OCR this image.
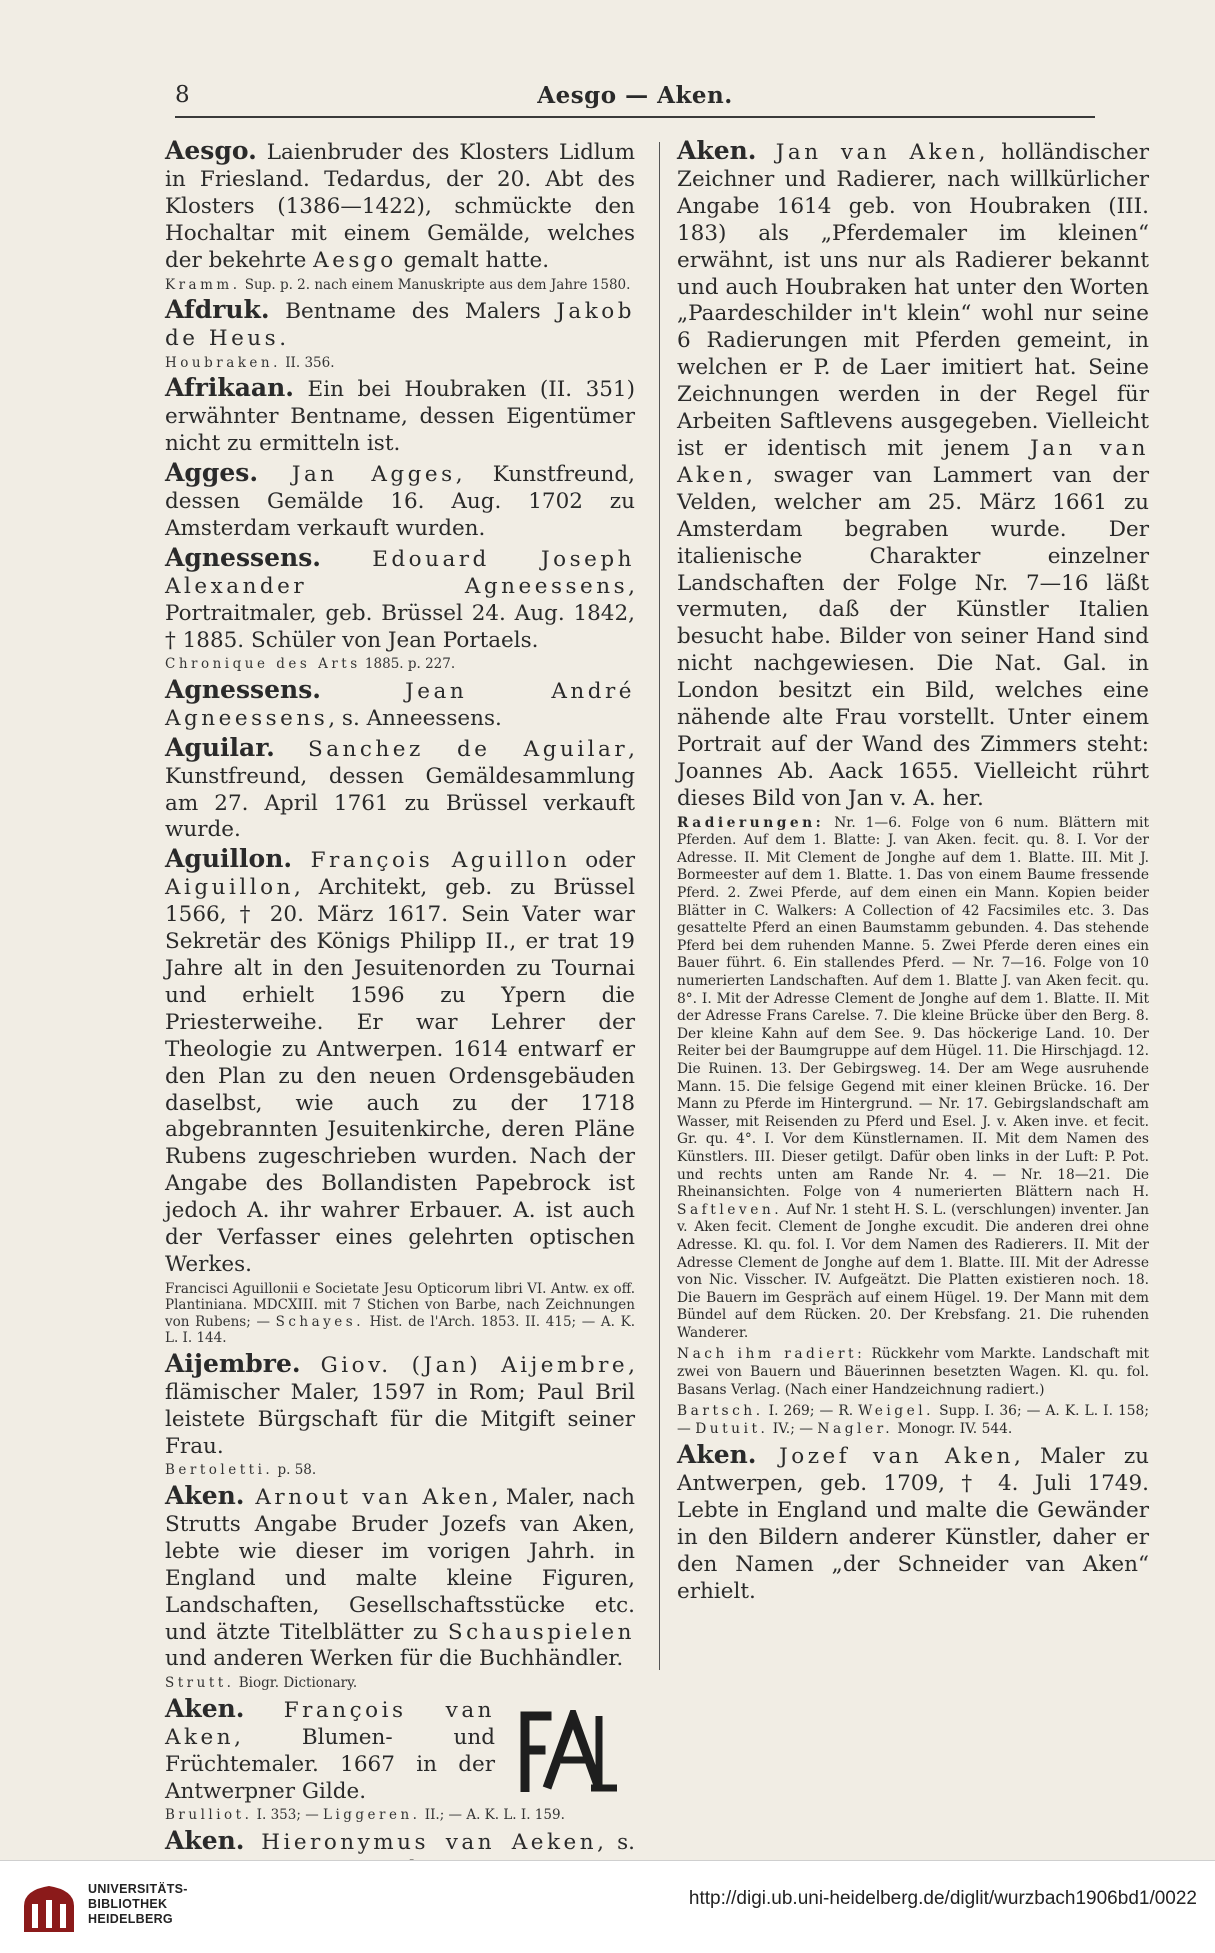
8	Aesgo — Aken.

Aesgo. Laienbruder des Klosters Lidlum in Friesland. Tedardus, der 20. Abt des Klosters (1386—1422), schmückte den Hochaltar mit einem Gemälde, welches der bekehrte Aesgo gemalt hatte.

Kramm. Sup. p. 2. nach einem Manuskripte aus dem Jahre 1580.

Afdruk. Bentname des Malers Jakob de Heus.

Houbraken. II. 356.

Afrikaan. Ein bei Houbraken (II. 351) erwähnter Bentname, dessen Eigentümer nicht zu ermitteln ist.

Agges. Jan Agges, Kunstfreund, dessen Gemälde 16. Aug. 1702 zu Amsterdam verkauft wurden.

Agnessens. Edouard Joseph Alexander Agneessens, Portraitmaler, geb. Brüssel 24. Aug. 1842, † 1885. Schüler von Jean Portaels.

Chronique des Arts 1885. p. 227.

Agnessens. Jean André Agneessens, s. Anneessens.

Aguilar. Sanchez de Aguilar, Kunstfreund, dessen Gemäldesammlung am 27. April 1761 zu Brüssel verkauft wurde.

Aguillon. François Aguillon oder Aiguillon, Architekt, geb. zu Brüssel 1566, † 20. März 1617. Sein Vater war Sekretär des Königs Philipp II., er trat 19 Jahre alt in den Jesuitenorden zu Tournai und erhielt 1596 zu Ypern die Priesterweihe. Er war Lehrer der Theologie zu Antwerpen. 1614 entwarf er den Plan zu den neuen Ordensgebäuden daselbst, wie auch zu der 1718 abgebrannten Jesuitenkirche, deren Pläne Rubens zugeschrieben wurden. Nach der Angabe des Bollandisten Papebrock ist jedoch A. ihr wahrer Erbauer. A. ist auch der Verfasser eines gelehrten optischen Werkes.

Francisci Aguillonii e Societate Jesu Opticorum libri VI. Antw. ex off. Plantiniana. MDCXIII. mit 7 Stichen von Barbe, nach Zeichnungen von Rubens; — Schayes. Hist. de l'Arch. 1853. II. 415; — A. K. L. I. 144.

Aijembre. Giov. (Jan) Aijembre, flämischer Maler, 1597 in Rom; Paul Bril leistete Bürgschaft für die Mitgift seiner Frau.

Bertoletti. p. 58.

Aken. Arnout van Aken, Maler, nach Strutts Angabe Bruder Jozefs van Aken, lebte wie dieser im vorigen Jahrh. in England und malte kleine Figuren, Landschaften, Gesellschaftsstücke etc. und ätzte Titelblätter zu Schauspielen und anderen Werken für die Buchhändler.

Strutt. Biogr. Dictionary.

Aken. François van Aken, Blumen- und Früchtemaler. 1667 in der Antwerpner Gilde.

Brulliot. I. 353; — Liggeren. II.; — A. K. L. I. 159.

Aken. Hieronymus van Aeken, s.

Aken. Jan van Aken, holländischer Zeichner und Radierer, nach willkürlicher Angabe 1614 geb. von Houbraken (III. 183) als „Pferdemaler im kleinen“ erwähnt, ist uns nur als Radierer bekannt und auch Houbraken hat unter den Worten „Paardeschilder in't klein“ wohl nur seine 6 Radierungen mit Pferden gemeint, in welchen er P. de Laer imitiert hat. Seine Zeichnungen werden in der Regel für Arbeiten Saftlevens ausgegeben. Vielleicht ist er identisch mit jenem Jan van Aken, swager van Lammert van der Velden, welcher am 25. März 1661 zu Amsterdam begraben wurde. Der italienische Charakter einzelner Landschaften der Folge Nr. 7—16 läßt vermuten, daß der Künstler Italien besucht habe. Bilder von seiner Hand sind nicht nachgewiesen. Die Nat. Gal. in London besitzt ein Bild, welches eine nähende alte Frau vorstellt. Unter einem Portrait auf der Wand des Zimmers steht: Joannes Ab. Aack 1655. Vielleicht rührt dieses Bild von Jan v. A. her.

Radierungen: Nr. 1—6. Folge von 6 num. Blättern mit Pferden. Auf dem 1. Blatte: J. van Aken. fecit. qu. 8. I. Vor der Adresse. II. Mit Clement de Jonghe auf dem 1. Blatte. III. Mit J. Bormeester auf dem 1. Blatte. 1. Das von einem Baume fressende Pferd. 2. Zwei Pferde, auf dem einen ein Mann. Kopien beider Blätter in C. Walkers: A Collection of 42 Facsimiles etc. 3. Das gesattelte Pferd an einen Baumstamm gebunden. 4. Das stehende Pferd bei dem ruhenden Manne. 5. Zwei Pferde deren eines ein Bauer führt. 6. Ein stallendes Pferd. — Nr. 7—16. Folge von 10 numerierten Landschaften. Auf dem 1. Blatte J. van Aken fecit. qu. 8°. I. Mit der Adresse Clement de Jonghe auf dem 1. Blatte. II. Mit der Adresse Frans Carelse. 7. Die kleine Brücke über den Berg. 8. Der kleine Kahn auf dem See. 9. Das höckerige Land. 10. Der Reiter bei der Baumgruppe auf dem Hügel. 11. Die Hirschjagd. 12. Die Ruinen. 13. Der Gebirgsweg. 14. Der am Wege ausruhende Mann. 15. Die felsige Gegend mit einer kleinen Brücke. 16. Der Mann zu Pferde im Hintergrund. — Nr. 17. Gebirgslandschaft am Wasser, mit Reisenden zu Pferd und Esel. J. v. Aken inve. et fecit. Gr. qu. 4°. I. Vor dem Künstlernamen. II. Mit dem Namen des Künstlers. III. Dieser getilgt. Dafür oben links in der Luft: P. Pot. und rechts unten am Rande Nr. 4. — Nr. 18—21. Die Rheinansichten. Folge von 4 numerierten Blättern nach H. Saftleven. Auf Nr. 1 steht H. S. L. (verschlungen) inventer. Jan v. Aken fecit. Clement de Jonghe excudit. Die anderen drei ohne Adresse. Kl. qu. fol. I. Vor dem Namen des Radierers. II. Mit der Adresse Clement de Jonghe auf dem 1. Blatte. III. Mit der Adresse von Nic. Visscher. IV. Aufgeätzt. Die Platten existieren noch. 18. Die Bauern im Gespräch auf einem Hügel. 19. Der Mann mit dem Bündel auf dem Rücken. 20. Der Krebsfang. 21. Die ruhenden Wanderer.

Nach ihm radiert: Rückkehr vom Markte. Landschaft mit zwei von Bauern und Bäuerinnen besetzten Wagen. Kl. qu. fol. Basans Verlag. (Nach einer Handzeichnung radiert.)

Bartsch. I. 269; — R. Weigel. Supp. I. 36; — A. K. L. I. 158; — Dutuit. IV.; — Nagler. Monogr. IV. 544.

Aken. Jozef van Aken, Maler zu Antwerpen, geb. 1709, † 4. Juli 1749. Lebte in England und malte die Gewänder in den Bildern anderer Künstler, daher er den Namen „der Schneider van Aken“ erhielt.

UNIVERSITÄTS-
BIBLIOTHEK
HEIDELBERG
http://digi.ub.uni-heidelberg.de/diglit/wurzbach1906bd1/0022
